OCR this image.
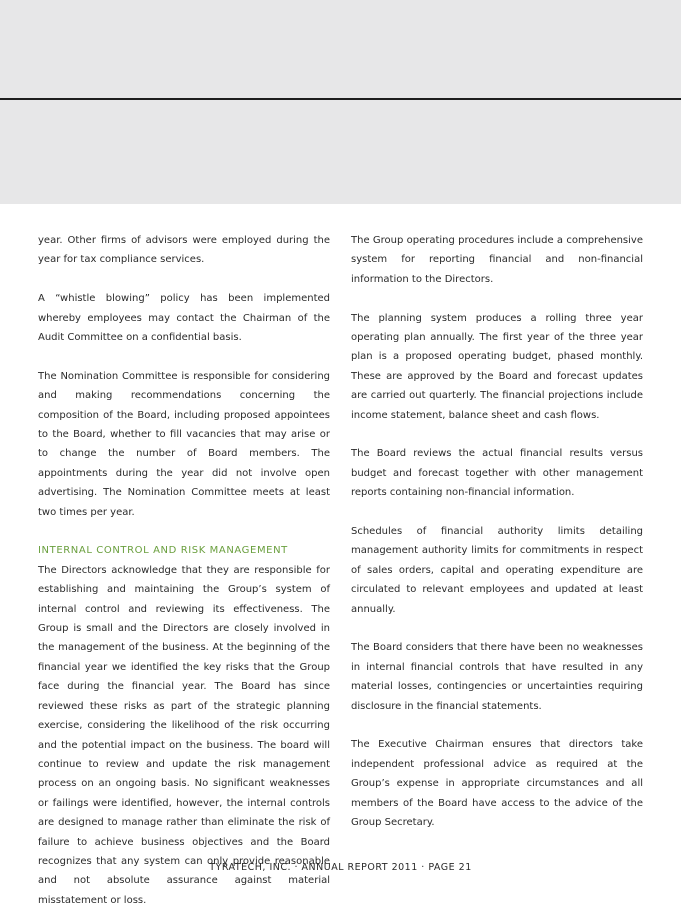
year. Other firms of advisors were employed during the year for tax compliance services.

A “whistle blowing” policy has been implemented whereby employees may contact the Chairman of the Audit Committee on a confidential basis.

The Nomination Committee is responsible for considering and making recommendations concerning the composition of the Board, including proposed appointees to the Board, whether to fill vacancies that may arise or to change the number of Board members. The appointments during the year did not involve open advertising. The Nomination Committee meets at least two times per year.

INTERNAL CONTROL AND RISK MANAGEMENT

The Directors acknowledge that they are responsible for establishing and maintaining the Group’s system of internal control and reviewing its effectiveness. The Group is small and the Directors are closely involved in the management of the business. At the beginning of the financial year we identified the key risks that the Group face during the financial year. The Board has since reviewed these risks as part of the strategic planning exercise, considering the likelihood of the risk occurring and the potential impact on the business. The board will continue to review and update the risk management process on an ongoing basis. No significant weaknesses or failings were identified, however, the internal controls are designed to manage rather than eliminate the risk of failure to achieve business objectives and the Board recognizes that any system can only provide reasonable and not absolute assurance against material misstatement or loss.

The Group operating procedures include a comprehensive system for reporting financial and non-financial information to the Directors.

The planning system produces a rolling three year operating plan annually. The first year of the three year plan is a proposed operating budget, phased monthly. These are approved by the Board and forecast updates are carried out quarterly. The financial projections include income statement, balance sheet and cash flows.

The Board reviews the actual financial results versus budget and forecast together with other management reports containing non-financial information.

Schedules of financial authority limits detailing management authority limits for commitments in respect of sales orders, capital and operating expenditure are circulated to relevant employees and updated at least annually.

The Board considers that there have been no weaknesses in internal financial controls that have resulted in any material losses, contingencies or uncertainties requiring disclosure in the financial statements.

The Executive Chairman ensures that directors take independent professional advice as required at the Group’s expense in appropriate circumstances and all members of the Board have access to the advice of the Group Secretary.

TYRATECH, INC. · ANNUAL REPORT 2011 · PAGE 21
